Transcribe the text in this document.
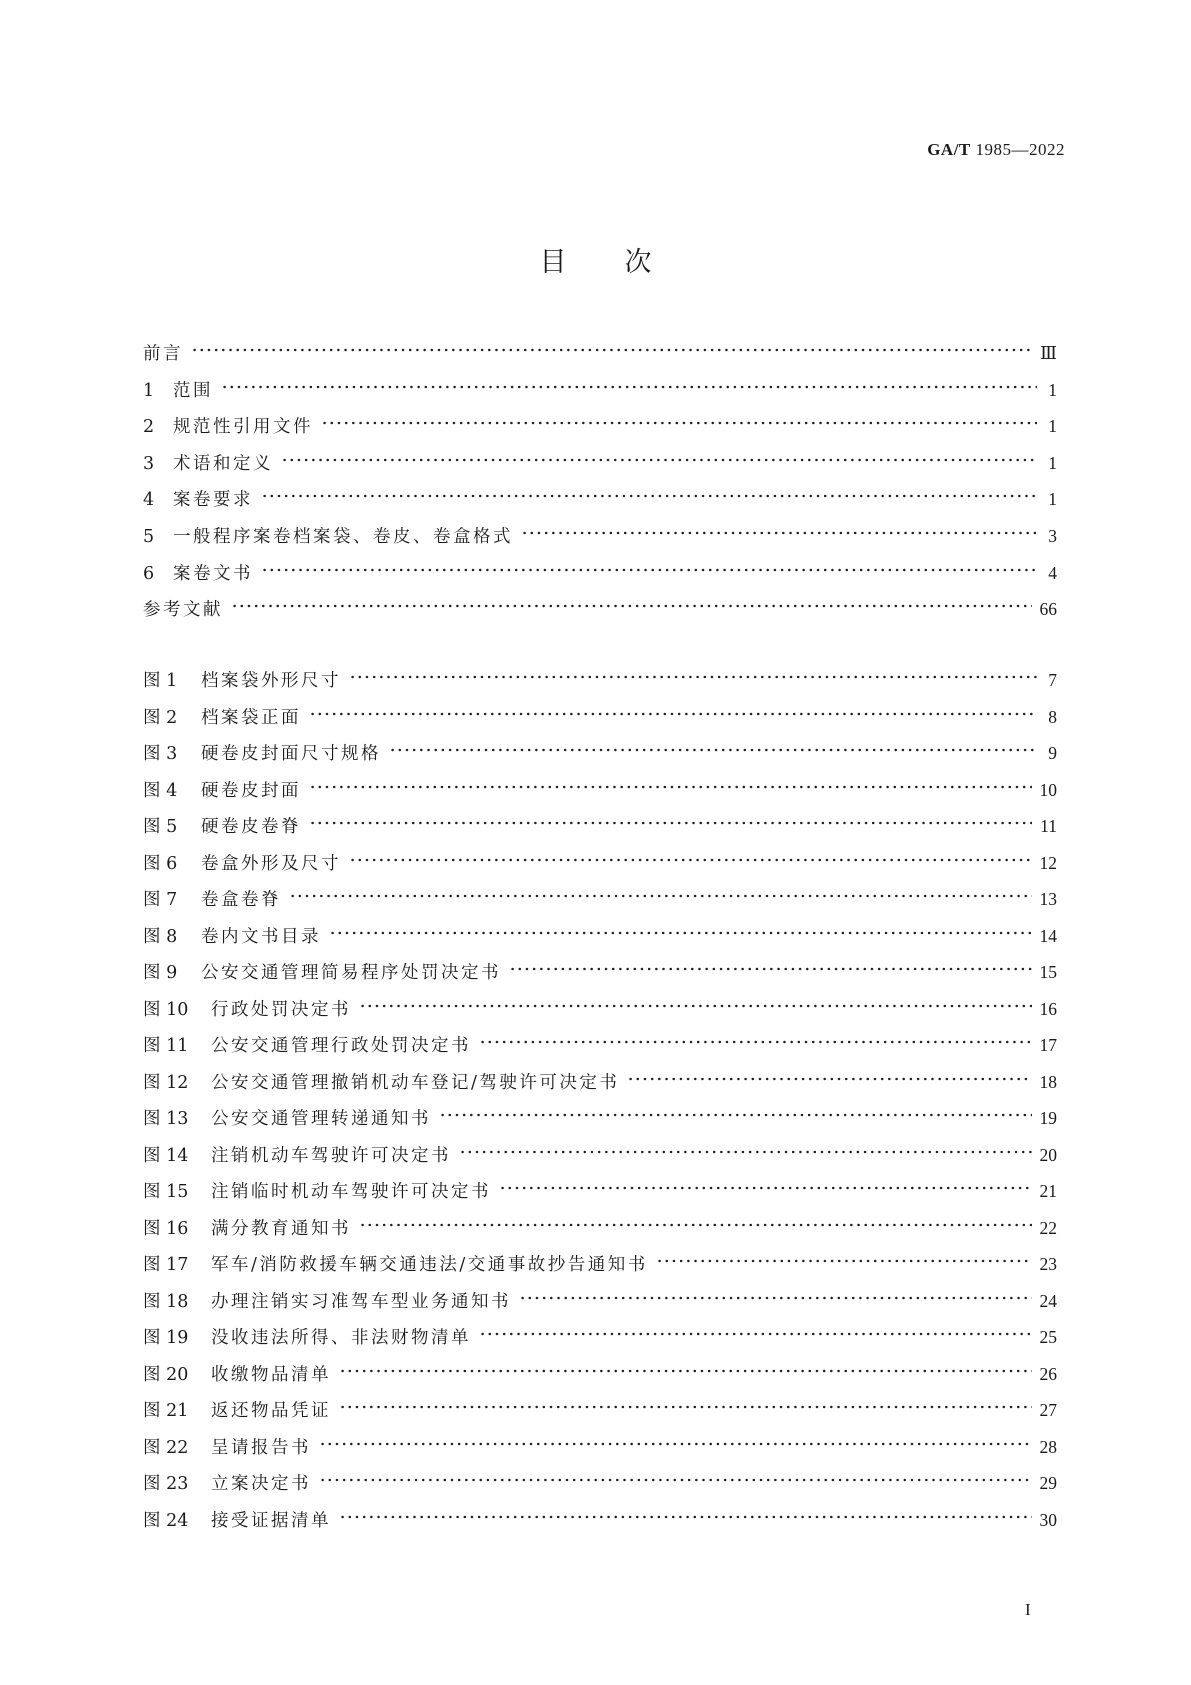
GA/T 1985—2022
目次
前言	Ⅲ
1	范围	1
2	规范性引用文件	1
3	术语和定义	1
4	案卷要求	1
5	一般程序案卷档案袋、卷皮、卷盒格式	3
6	案卷文书	4
参考文献	66
图 1	档案袋外形尺寸	7
图 2	档案袋正面	8
图 3	硬卷皮封面尺寸规格	9
图 4	硬卷皮封面	10
图 5	硬卷皮卷脊	11
图 6	卷盒外形及尺寸	12
图 7	卷盒卷脊	13
图 8	卷内文书目录	14
图 9	公安交通管理简易程序处罚决定书	15
图 10	行政处罚决定书	16
图 11	公安交通管理行政处罚决定书	17
图 12	公安交通管理撤销机动车登记/驾驶许可决定书	18
图 13	公安交通管理转递通知书	19
图 14	注销机动车驾驶许可决定书	20
图 15	注销临时机动车驾驶许可决定书	21
图 16	满分教育通知书	22
图 17	军车/消防救援车辆交通违法/交通事故抄告通知书	23
图 18	办理注销实习准驾车型业务通知书	24
图 19	没收违法所得、非法财物清单	25
图 20	收缴物品清单	26
图 21	返还物品凭证	27
图 22	呈请报告书	28
图 23	立案决定书	29
图 24	接受证据清单	30
I
